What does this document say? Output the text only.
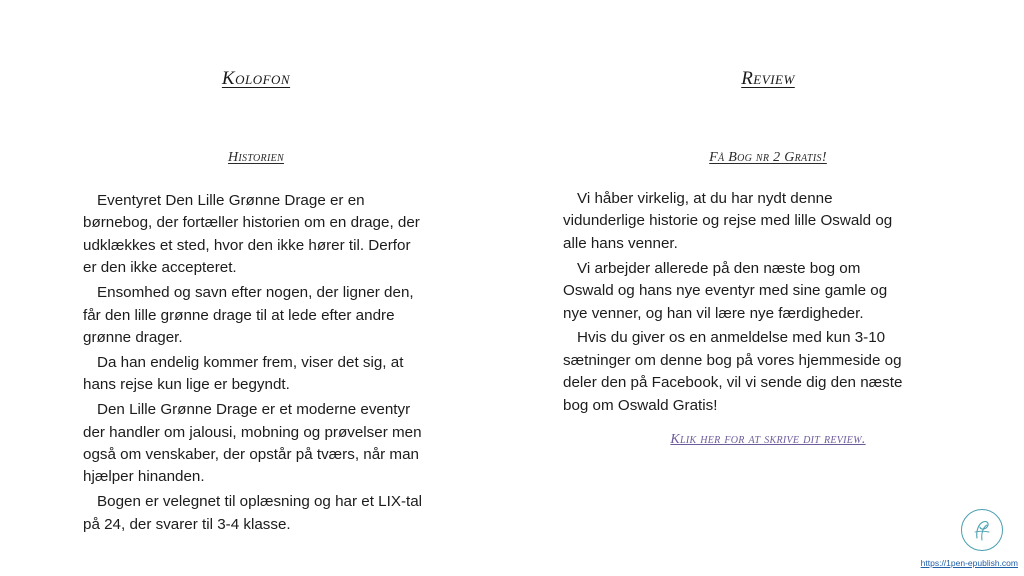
Kolofon
Historien

Eventyret Den Lille Grønne Drage er en børnebog, der fortæller historien om en drage, der udklækkes et sted, hvor den ikke hører til. Derfor er den ikke accepteret.

Ensomhed og savn efter nogen, der ligner den, får den lille grønne drage til at lede efter andre grønne drager.

Da han endelig kommer frem, viser det sig, at hans rejse kun lige er begyndt.

Den Lille Grønne Drage er et moderne eventyr der handler om jalousi, mobning og prøvelser men også om venskaber, der opstår på tværs, når man hjælper hinanden.

Bogen er velegnet til oplæsning og har et LIX-tal på 24, der svarer til 3-4 klasse.

Review
Få Bog nr 2 Gratis!

Vi håber virkelig, at du har nydt denne vidunderlige historie og rejse med lille Oswald og alle hans venner.

Vi arbejder allerede på den næste bog om Oswald og hans nye eventyr med sine gamle og nye venner, og han vil lære nye færdigheder.

Hvis du giver os en anmeldelse med kun 3-10 sætninger om denne bog på vores hjemmeside og deler den på Facebook, vil vi sende dig den næste bog om Oswald Gratis!

Klik her for at skrive dit review.
https://1pen-epublish.com
